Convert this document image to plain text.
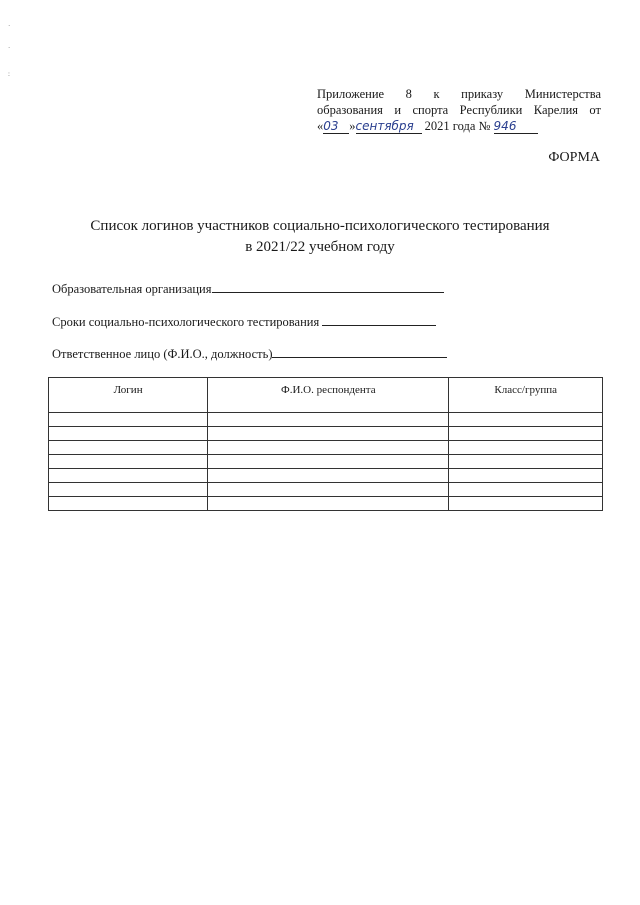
·
`
:
Приложение 8 к приказу Министерства
образования и спорта Республики Карелия от
«03 »сентября 2021 года № 946
ФОРМА
Список логинов участников социально-психологического тестирования
в 2021/22 учебном году
Образовательная организация
Сроки социально-психологического тестирования
Ответственное лицо (Ф.И.О., должность)
Логин	Ф.И.О. респондента	Класс/группа
